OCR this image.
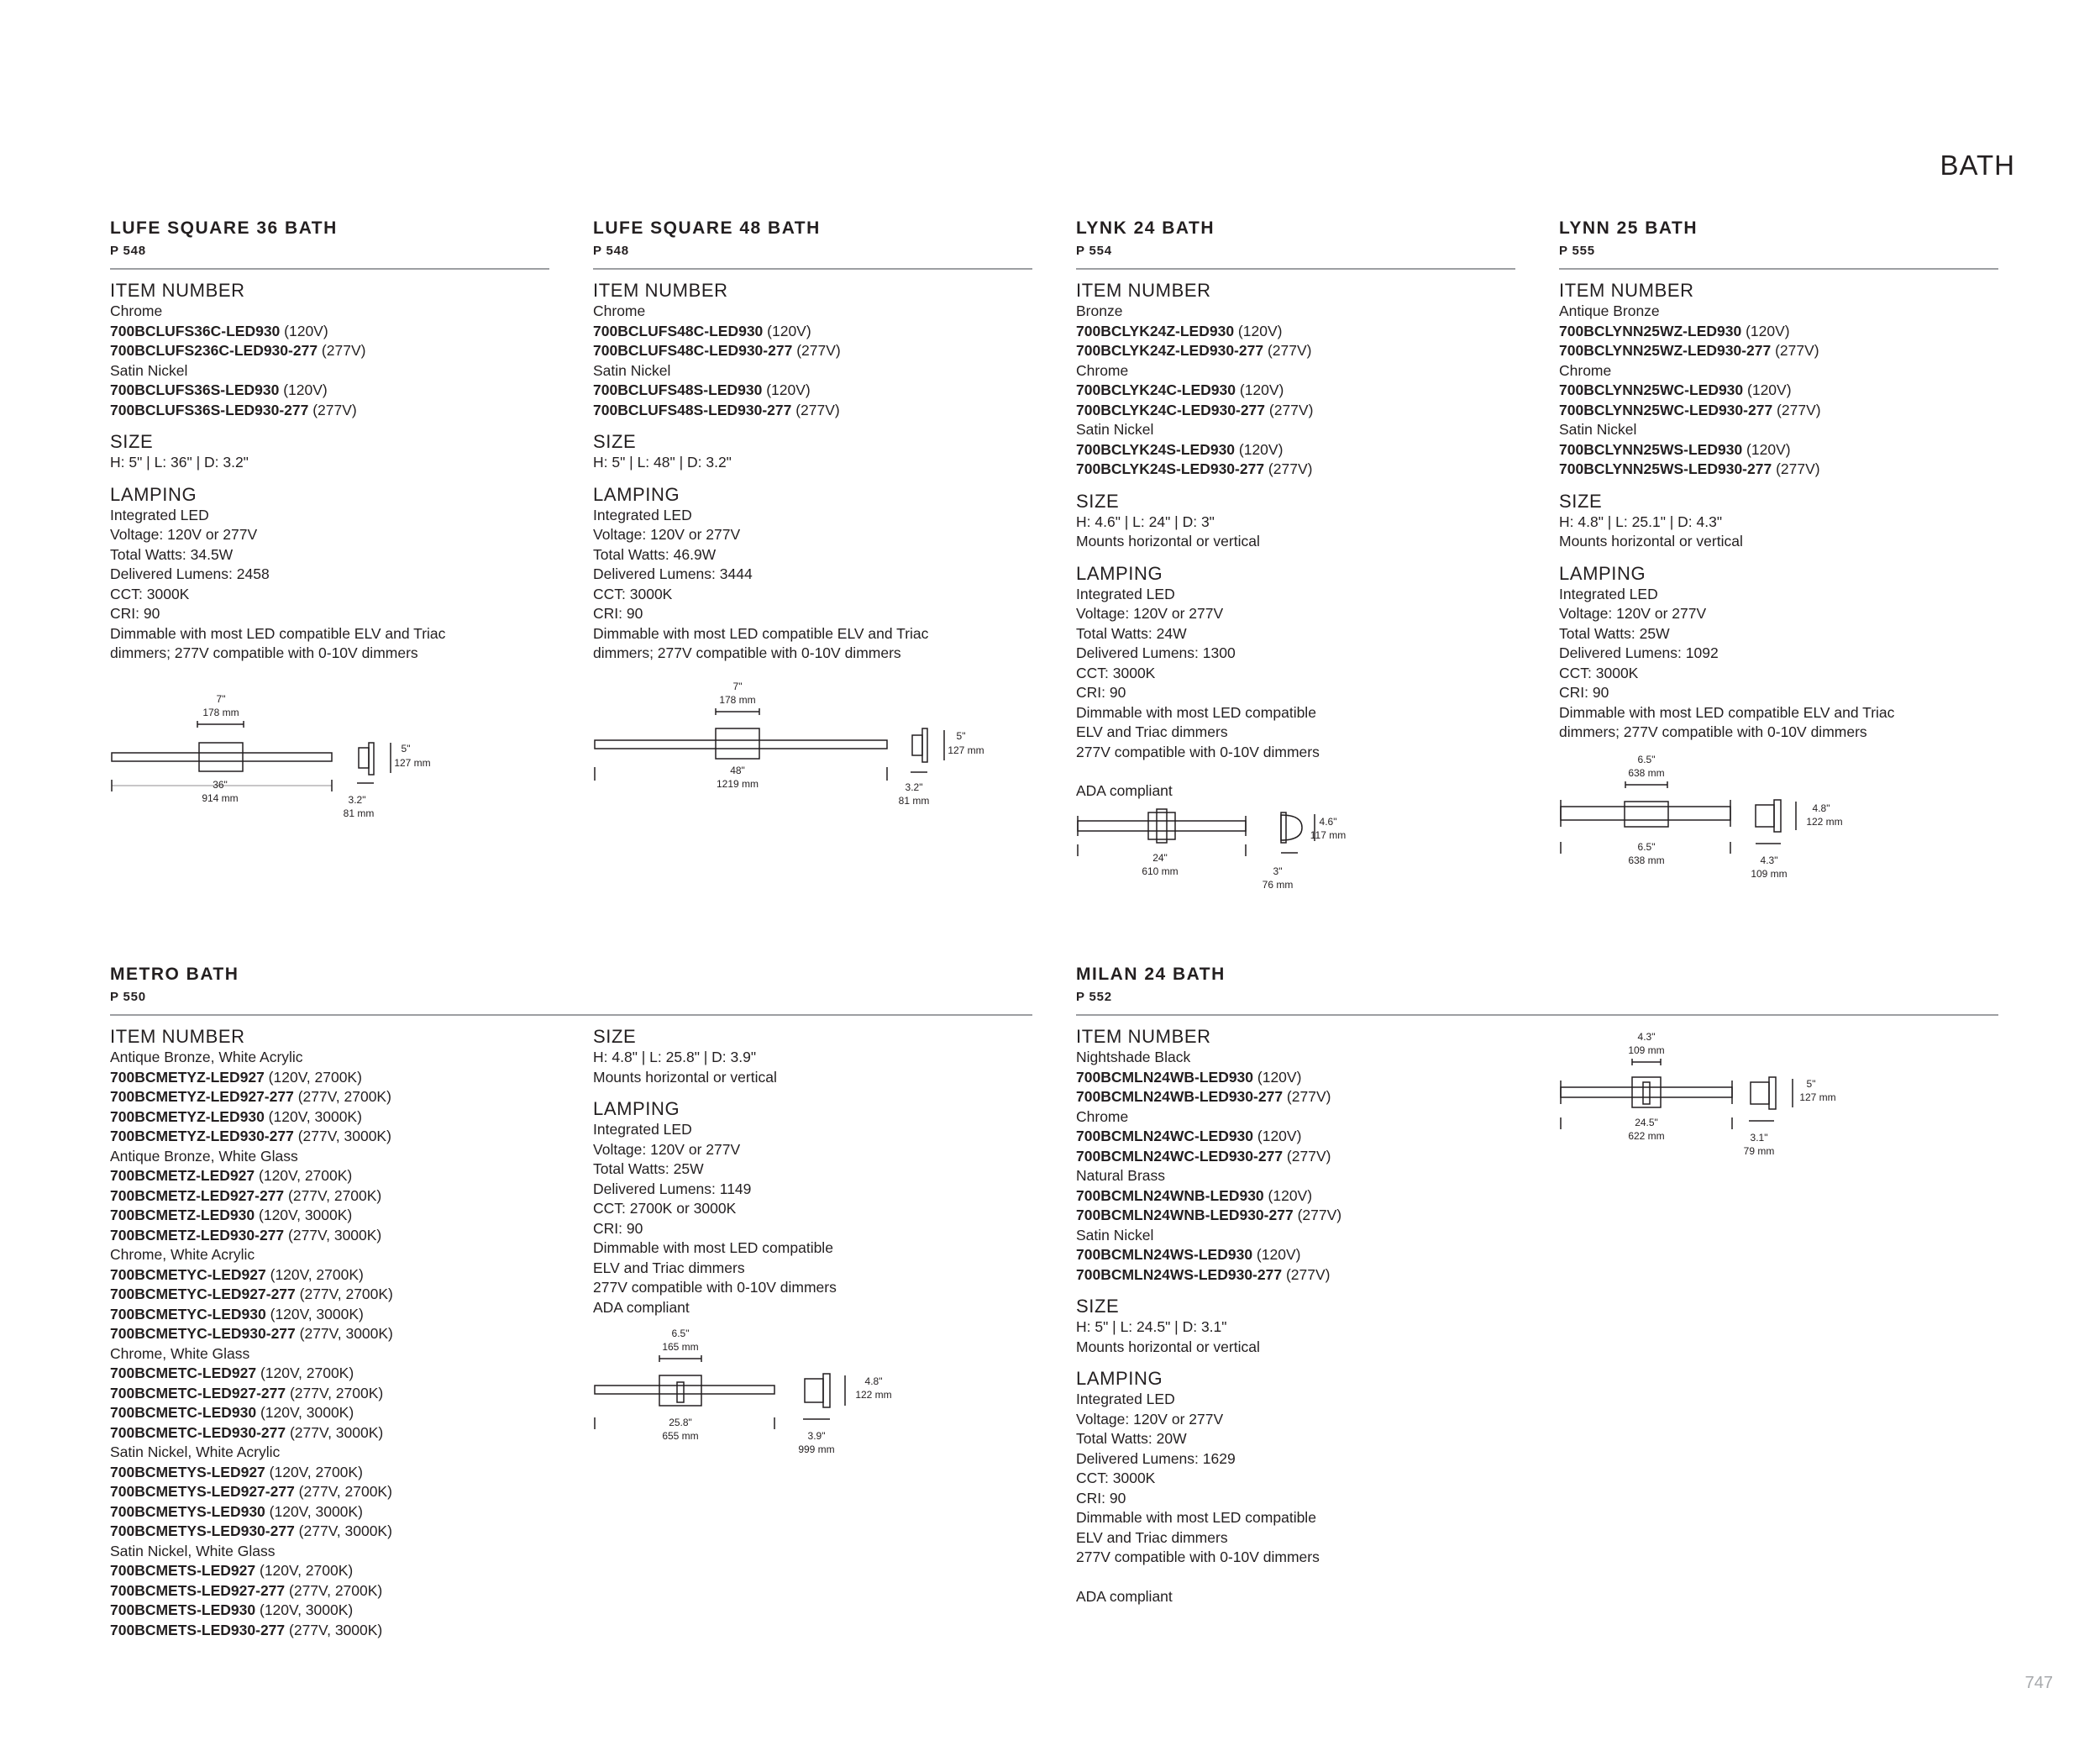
BATH
747
LUFE SQUARE 36 BATH
P 548
ITEM NUMBER
Chrome
700BCLUFS36C-LED930 (120V)
700BCLUFS236C-LED930-277 (277V)
Satin Nickel
700BCLUFS36S-LED930 (120V)
700BCLUFS36S-LED930-277 (277V)
SIZE
H: 5" | L: 36" | D: 3.2"
LAMPING
Integrated LED
Voltage: 120V or 277V
Total Watts: 34.5W
Delivered Lumens: 2458
CCT: 3000K
CRI: 90
Dimmable with most LED compatible ELV and Triac
dimmers; 277V compatible with 0-10V dimmers
7"
178 mm
36"
914 mm
5"
127 mm
3.2"
81 mm
LUFE SQUARE 48 BATH
P 548
ITEM NUMBER
Chrome
700BCLUFS48C-LED930 (120V)
700BCLUFS48C-LED930-277 (277V)
Satin Nickel
700BCLUFS48S-LED930 (120V)
700BCLUFS48S-LED930-277 (277V)
SIZE
H: 5" | L: 48" | D: 3.2"
LAMPING
Integrated LED
Voltage: 120V or 277V
Total Watts: 46.9W
Delivered Lumens: 3444
CCT: 3000K
CRI: 90
Dimmable with most LED compatible ELV and Triac
dimmers; 277V compatible with 0-10V dimmers
7"
178 mm
48"
1219 mm
5"
127 mm
3.2"
81 mm
LYNK 24 BATH
P 554
ITEM NUMBER
Bronze
700BCLYK24Z-LED930 (120V)
700BCLYK24Z-LED930-277 (277V)
Chrome
700BCLYK24C-LED930 (120V)
700BCLYK24C-LED930-277 (277V)
Satin Nickel
700BCLYK24S-LED930 (120V)
700BCLYK24S-LED930-277 (277V)
SIZE
H: 4.6" | L: 24" | D: 3"
Mounts horizontal or vertical
LAMPING
Integrated LED
Voltage: 120V or 277V
Total Watts: 24W
Delivered Lumens: 1300
CCT: 3000K
CRI: 90
Dimmable with most LED compatible
ELV and Triac dimmers
277V compatible with 0-10V dimmers
ADA compliant
24"
610 mm
4.6"
117 mm
3"
76 mm
LYNN 25 BATH
P 555
ITEM NUMBER
Antique Bronze
700BCLYNN25WZ-LED930 (120V)
700BCLYNN25WZ-LED930-277 (277V)
Chrome
700BCLYNN25WC-LED930 (120V)
700BCLYNN25WC-LED930-277 (277V)
Satin Nickel
700BCLYNN25WS-LED930 (120V)
700BCLYNN25WS-LED930-277 (277V)
SIZE
H: 4.8" | L: 25.1" | D: 4.3"
Mounts horizontal or vertical
LAMPING
Integrated LED
Voltage: 120V or 277V
Total Watts: 25W
Delivered Lumens: 1092
CCT: 3000K
CRI: 90
Dimmable with most LED compatible ELV and Triac
dimmers; 277V compatible with 0-10V dimmers
6.5"
638 mm
6.5"
638 mm
4.8"
122 mm
4.3"
109 mm
METRO BATH
P 550
ITEM NUMBER
Antique Bronze, White Acrylic
700BCMETYZ-LED927 (120V, 2700K)
700BCMETYZ-LED927-277 (277V, 2700K)
700BCMETYZ-LED930 (120V, 3000K)
700BCMETYZ-LED930-277 (277V, 3000K)
Antique Bronze, White Glass
700BCMETZ-LED927 (120V, 2700K)
700BCMETZ-LED927-277 (277V, 2700K)
700BCMETZ-LED930 (120V, 3000K)
700BCMETZ-LED930-277 (277V, 3000K)
Chrome, White Acrylic
700BCMETYC-LED927 (120V, 2700K)
700BCMETYC-LED927-277 (277V, 2700K)
700BCMETYC-LED930 (120V, 3000K)
700BCMETYC-LED930-277 (277V, 3000K)
Chrome, White Glass
700BCMETC-LED927 (120V, 2700K)
700BCMETC-LED927-277 (277V, 2700K)
700BCMETC-LED930 (120V, 3000K)
700BCMETC-LED930-277 (277V, 3000K)
Satin Nickel, White Acrylic
700BCMETYS-LED927 (120V, 2700K)
700BCMETYS-LED927-277 (277V, 2700K)
700BCMETYS-LED930 (120V, 3000K)
700BCMETYS-LED930-277 (277V, 3000K)
Satin Nickel, White Glass
700BCMETS-LED927 (120V, 2700K)
700BCMETS-LED927-277 (277V, 2700K)
700BCMETS-LED930 (120V, 3000K)
700BCMETS-LED930-277 (277V, 3000K)
SIZE
H: 4.8" | L: 25.8" | D: 3.9"
Mounts horizontal or vertical
LAMPING
Integrated LED
Voltage: 120V or 277V
Total Watts: 25W
Delivered Lumens: 1149
CCT: 2700K or 3000K
CRI: 90
Dimmable with most LED compatible
ELV and Triac dimmers
277V compatible with 0-10V dimmers
ADA compliant
6.5"
165 mm
25.8"
655 mm
4.8"
122 mm
3.9"
999 mm
MILAN 24 BATH
P 552
ITEM NUMBER
Nightshade Black
700BCMLN24WB-LED930 (120V)
700BCMLN24WB-LED930-277 (277V)
Chrome
700BCMLN24WC-LED930 (120V)
700BCMLN24WC-LED930-277 (277V)
Natural Brass
700BCMLN24WNB-LED930 (120V)
700BCMLN24WNB-LED930-277 (277V)
Satin Nickel
700BCMLN24WS-LED930 (120V)
700BCMLN24WS-LED930-277 (277V)
SIZE
H: 5" | L: 24.5" | D: 3.1"
Mounts horizontal or vertical
LAMPING
Integrated LED
Voltage: 120V or 277V
Total Watts: 20W
Delivered Lumens: 1629
CCT: 3000K
CRI: 90
Dimmable with most LED compatible
ELV and Triac dimmers
277V compatible with 0-10V dimmers
ADA compliant
4.3"
109 mm
24.5"
622 mm
5"
127 mm
3.1"
79 mm
